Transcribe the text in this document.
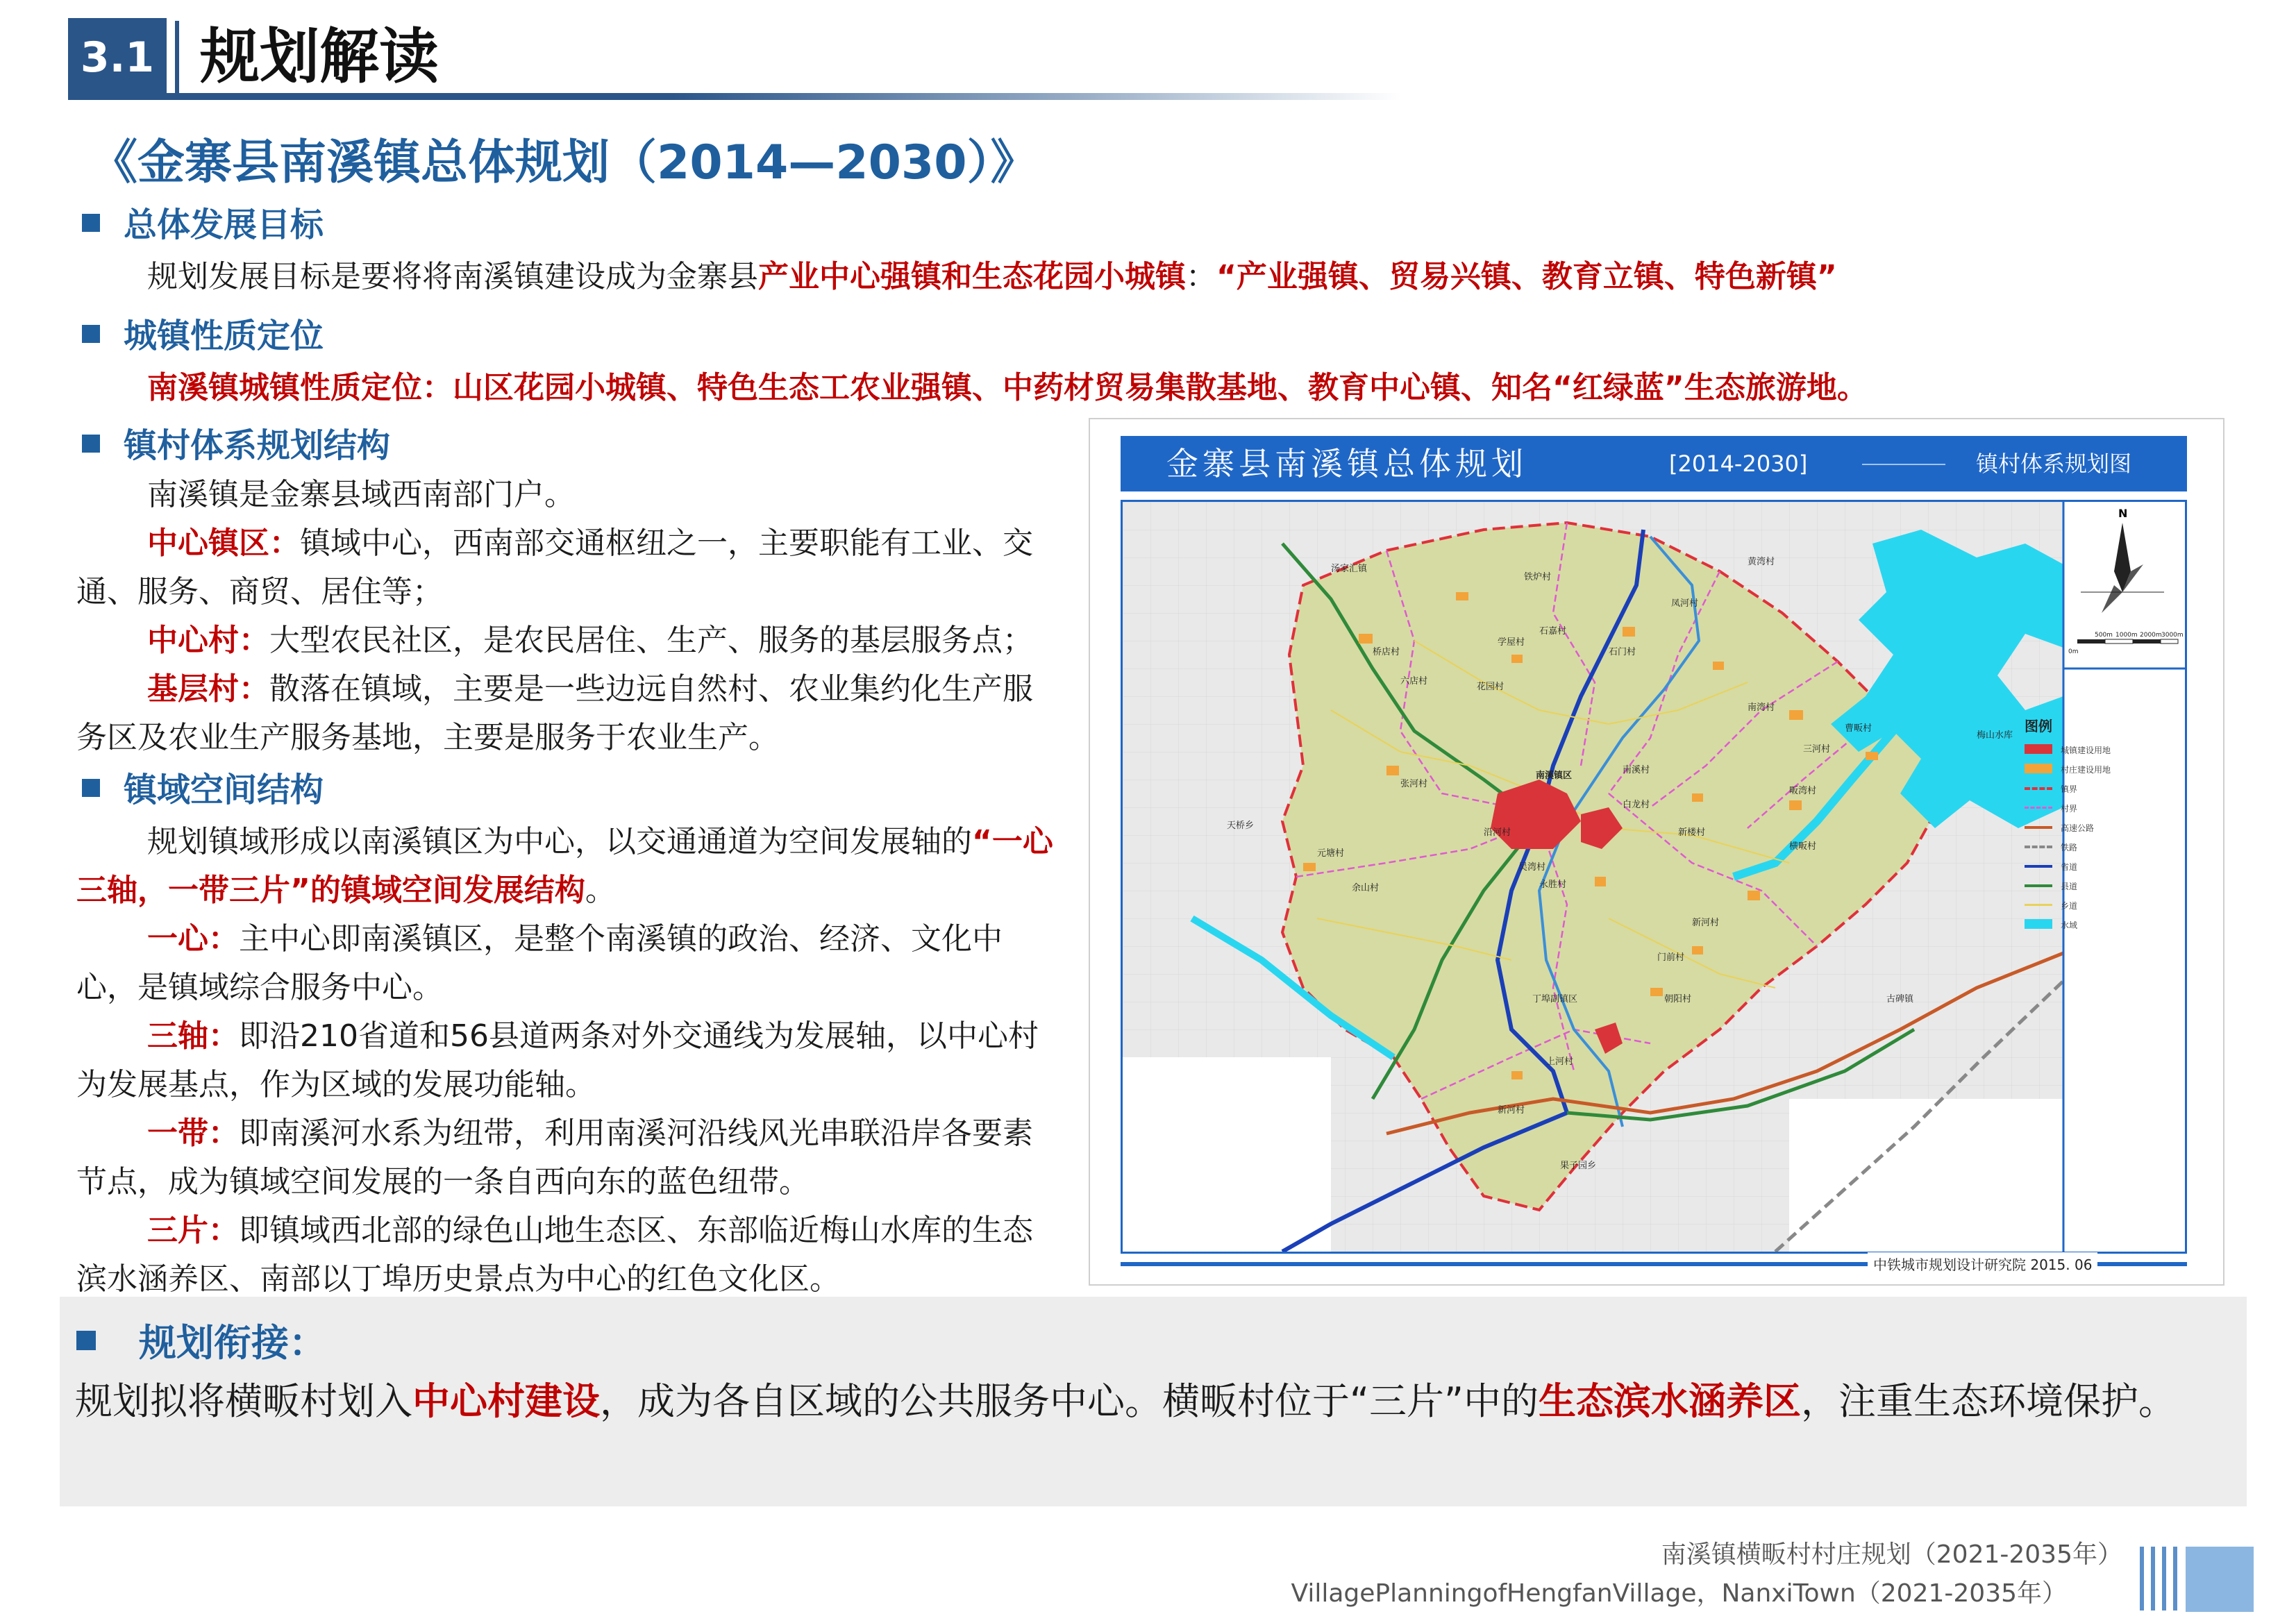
3.1 规划解读
《金寨县南溪镇总体规划（2014—2030）》
总体发展目标
规划发展目标是要将将南溪镇建设成为金寨县产业中心强镇和生态花园小城镇：“产业强镇、贸易兴镇、教育立镇、特色新镇”
城镇性质定位
南溪镇城镇性质定位：山区花园小城镇、特色生态工农业强镇、中药材贸易集散基地、教育中心镇、知名“红绿蓝”生态旅游地。
镇村体系规划结构
南溪镇是金寨县域西南部门户。
中心镇区：镇域中心，西南部交通枢纽之一，主要职能有工业、交通、服务、商贸、居住等；
中心村：大型农民社区，是农民居住、生产、服务的基层服务点；
基层村：散落在镇域，主要是一些边远自然村、农业集约化生产服务区及农业生产服务基地，主要是服务于农业生产。
镇域空间结构
规划镇域形成以南溪镇区为中心，以交通通道为空间发展轴的“一心三轴，一带三片”的镇域空间发展结构。
一心：主中心即南溪镇区，是整个南溪镇的政治、经济、文化中心，是镇域综合服务中心。
三轴：即沿210省道和56县道两条对外交通线为发展轴，以中心村为发展基点，作为区域的发展功能轴。
一带：即南溪河水系为纽带，利用南溪河沿线风光串联沿岸各要素节点，成为镇域空间发展的一条自西向东的蓝色纽带。
三片：即镇域西北部的绿色山地生态区、东部临近梅山水库的生态滨水涵养区、南部以丁埠历史景点为中心的红色文化区。
金寨县南溪镇总体规划	[2014-2030]	镇村体系规划图
汤家汇镇
铁炉村
石嘉村
学屋村
桥店村
六店村
花园村
石门村
凤河村
黄湾村
南湾村
三河村
曹畈村
南溪镇区
南溪村
白龙村
新楼村
畈湾村
横畈村
张河村
元塘村
沿河村
吴湾村
余山村
天桥乡
永胜村
新河村
门前村
朝阳村
丁埠副镇区
上河村
新河村
古碑镇
果子园乡
梅山水库
N
0m
500m 1000m 2000m 3000m
图例
城镇建设用地
村庄建设用地
镇界
村界
高速公路
铁路
省道
县道
乡道
水域
中铁城市规划设计研究院 2015. 06
规划衔接：
规划拟将横畈村划入中心村建设，成为各自区域的公共服务中心。横畈村位于“三片”中的生态滨水涵养区，注重生态环境保护。
南溪镇横畈村村庄规划（2021-2035年）
VillagePlanningofHengfanVillage，NanxiTown（2021-2035年）
